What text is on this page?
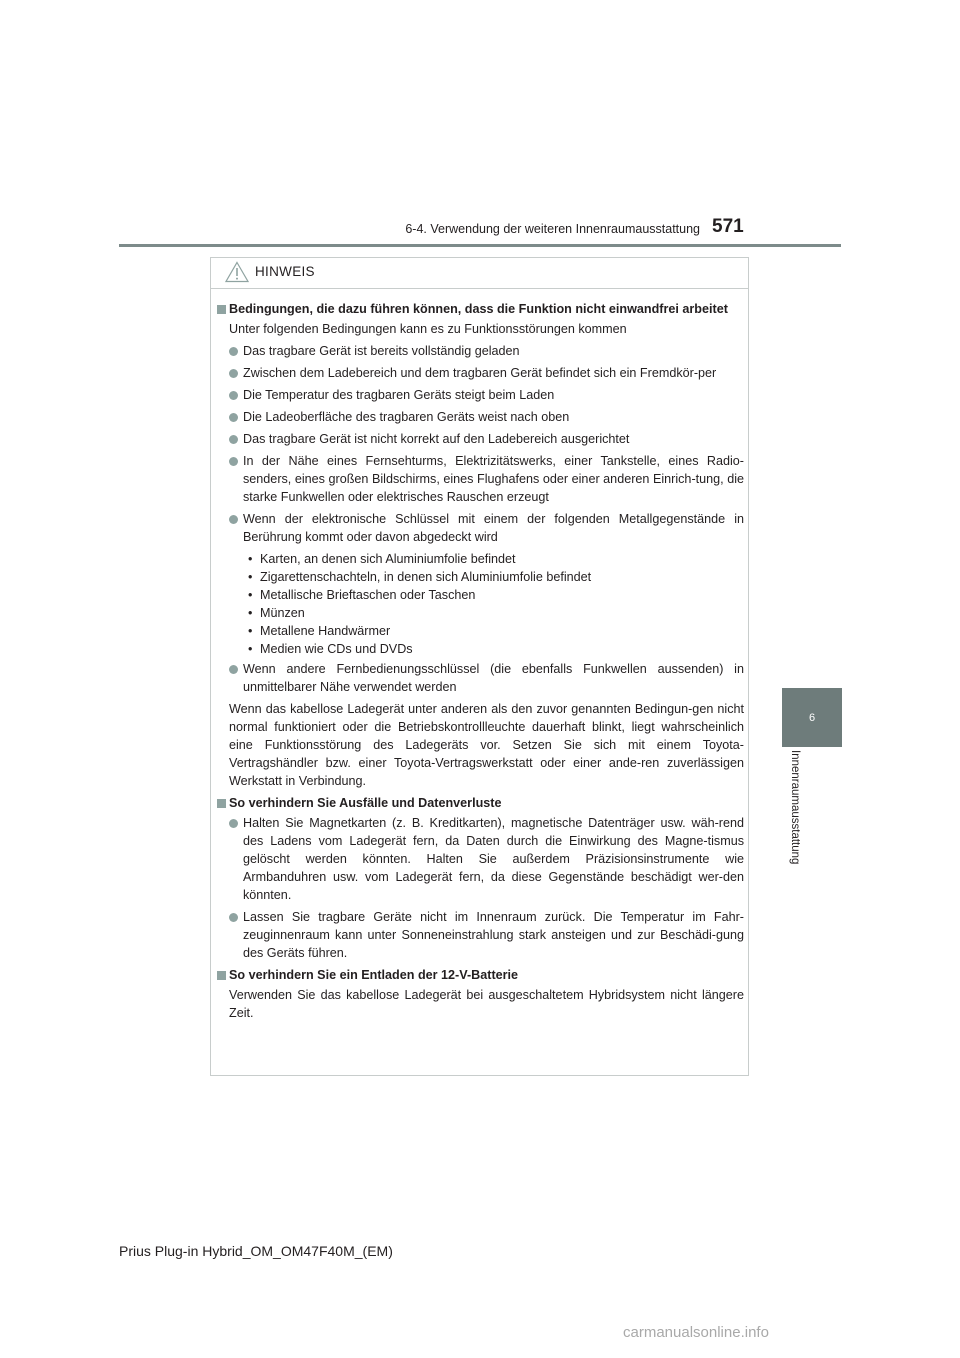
6-4. Verwendung der weiteren Innenraumausstattung 571
6
Innenraumausstattung
HINWEIS
Bedingungen, die dazu führen können, dass die Funktion nicht einwandfrei arbeitet
Unter folgenden Bedingungen kann es zu Funktionsstörungen kommen
Das tragbare Gerät ist bereits vollständig geladen
Zwischen dem Ladebereich und dem tragbaren Gerät befindet sich ein Fremdkör-per
Die Temperatur des tragbaren Geräts steigt beim Laden
Die Ladeoberfläche des tragbaren Geräts weist nach oben
Das tragbare Gerät ist nicht korrekt auf den Ladebereich ausgerichtet
In der Nähe eines Fernsehturms, Elektrizitätswerks, einer Tankstelle, eines Radio-senders, eines großen Bildschirms, eines Flughafens oder einer anderen Einrich-tung, die starke Funkwellen oder elektrisches Rauschen erzeugt
Wenn der elektronische Schlüssel mit einem der folgenden Metallgegenstände in Berührung kommt oder davon abgedeckt wird
• Karten, an denen sich Aluminiumfolie befindet
• Zigarettenschachteln, in denen sich Aluminiumfolie befindet
• Metallische Brieftaschen oder Taschen
• Münzen
• Metallene Handwärmer
• Medien wie CDs und DVDs
Wenn andere Fernbedienungsschlüssel (die ebenfalls Funkwellen aussenden) in unmittelbarer Nähe verwendet werden
Wenn das kabellose Ladegerät unter anderen als den zuvor genannten Bedingun-gen nicht normal funktioniert oder die Betriebskontrollleuchte dauerhaft blinkt, liegt wahrscheinlich eine Funktionsstörung des Ladegeräts vor. Setzen Sie sich mit einem Toyota-Vertragshändler bzw. einer Toyota-Vertragswerkstatt oder einer ande-ren zuverlässigen Werkstatt in Verbindung.
So verhindern Sie Ausfälle und Datenverluste
Halten Sie Magnetkarten (z. B. Kreditkarten), magnetische Datenträger usw. wäh-rend des Ladens vom Ladegerät fern, da Daten durch die Einwirkung des Magne-tismus gelöscht werden könnten. Halten Sie außerdem Präzisionsinstrumente wie Armbanduhren usw. vom Ladegerät fern, da diese Gegenstände beschädigt wer-den könnten.
Lassen Sie tragbare Geräte nicht im Innenraum zurück. Die Temperatur im Fahr-zeuginnenraum kann unter Sonneneinstrahlung stark ansteigen und zur Beschädi-gung des Geräts führen.
So verhindern Sie ein Entladen der 12-V-Batterie
Verwenden Sie das kabellose Ladegerät bei ausgeschaltetem Hybridsystem nicht längere Zeit.
Prius Plug-in Hybrid_OM_OM47F40M_(EM)
carmanualsonline.info
